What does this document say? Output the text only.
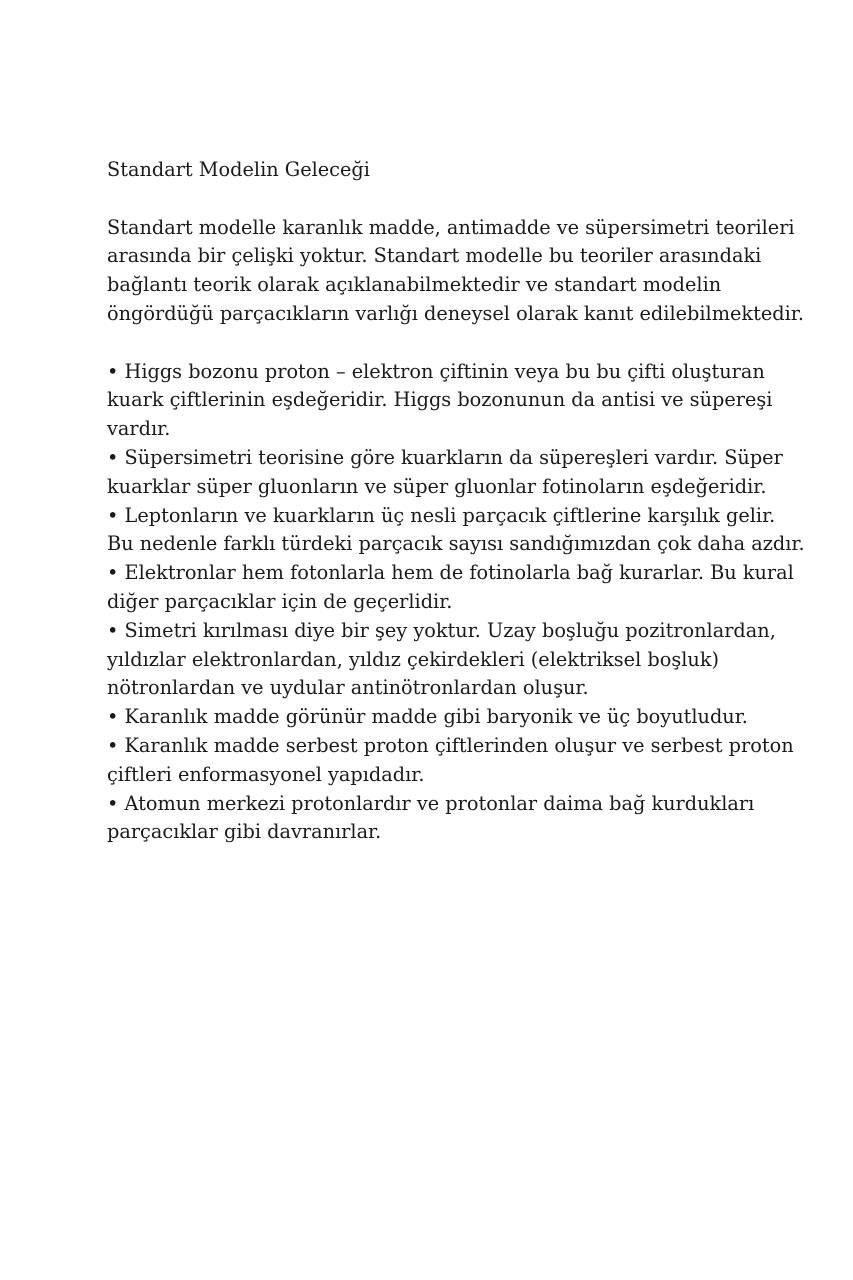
Standart Modelin Geleceği

Standart modelle karanlık madde, antimadde ve süpersimetri teorileri arasında bir çelişki yoktur. Standart modelle bu teoriler arasındaki bağlantı teorik olarak açıklanabilmektedir ve standart modelin öngördüğü parçacıkların varlığı deneysel olarak kanıt edilebilmektedir.

• Higgs bozonu proton – elektron çiftinin veya bu bu çifti oluşturan kuark çiftlerinin eşdeğeridir. Higgs bozonunun da antisi ve süpereşi vardır.
• Süpersimetri teorisine göre kuarkların da süpereşleri vardır. Süper kuarklar süper gluonların ve süper gluonlar fotinoların eşdeğeridir.
• Leptonların ve kuarkların üç nesli parçacık çiftlerine karşılık gelir. Bu nedenle farklı türdeki parçacık sayısı sandığımızdan çok daha azdır.
• Elektronlar hem fotonlarla hem de fotinolarla bağ kurarlar. Bu kural diğer parçacıklar için de geçerlidir.
• Simetri kırılması diye bir şey yoktur. Uzay boşluğu pozitronlardan, yıldızlar elektronlardan, yıldız çekirdekleri (elektriksel boşluk) nötronlardan ve uydular antinötronlardan oluşur.
• Karanlık madde görünür madde gibi baryonik ve üç boyutludur.
• Karanlık madde serbest proton çiftlerinden oluşur ve serbest proton çiftleri enformasyonel yapıdadır.
• Atomun merkezi protonlardır ve protonlar daima bağ kurdukları parçacıklar gibi davranırlar.
